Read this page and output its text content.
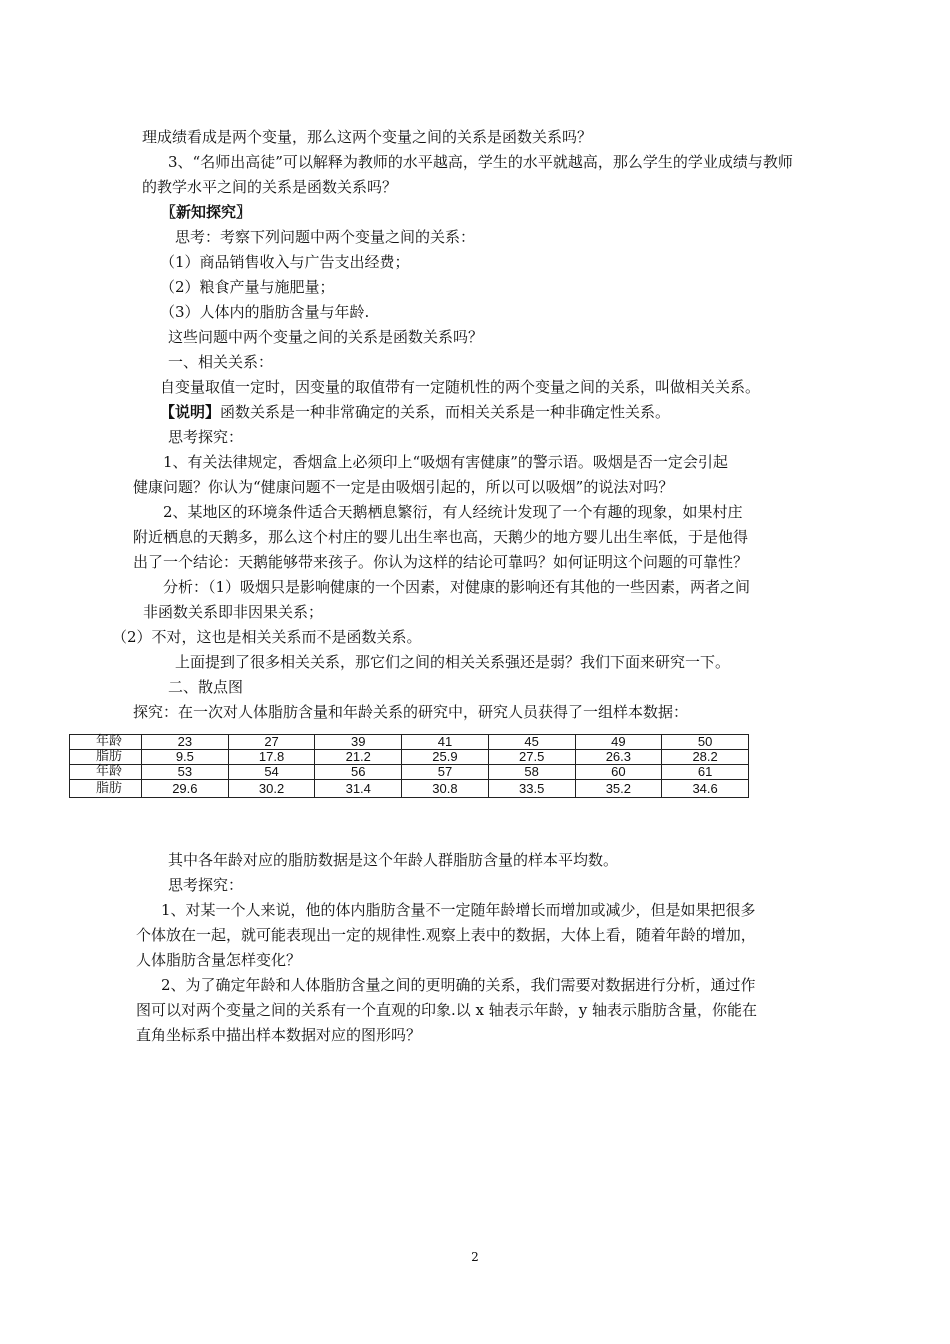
理成绩看成是两个变量，那么这两个变量之间的关系是函数关系吗？
3、“名师出高徒”可以解释为教师的水平越高，学生的水平就越高，那么学生的学业成绩与教师
的教学水平之间的关系是函数关系吗？
〖新知探究〗
思考：考察下列问题中两个变量之间的关系：
（1）商品销售收入与广告支出经费；
（2）粮食产量与施肥量；
（3）人体内的脂肪含量与年龄.
这些问题中两个变量之间的关系是函数关系吗？
一、相关关系：
自变量取值一定时，因变量的取值带有一定随机性的两个变量之间的关系，叫做相关关系。
【说明】函数关系是一种非常确定的关系，而相关关系是一种非确定性关系。
思考探究：
1、有关法律规定，香烟盒上必须印上“吸烟有害健康”的警示语。吸烟是否一定会引起
健康问题？你认为“健康问题不一定是由吸烟引起的，所以可以吸烟”的说法对吗？
2、某地区的环境条件适合天鹅栖息繁衍，有人经统计发现了一个有趣的现象，如果村庄
附近栖息的天鹅多，那么这个村庄的婴儿出生率也高，天鹅少的地方婴儿出生率低，于是他得
出了一个结论：天鹅能够带来孩子。你认为这样的结论可靠吗？如何证明这个问题的可靠性？
分析：（1）吸烟只是影响健康的一个因素，对健康的影响还有其他的一些因素，两者之间
非函数关系即非因果关系；
（2）不对，这也是相关关系而不是函数关系。
上面提到了很多相关关系，那它们之间的相关关系强还是弱？我们下面来研究一下。
二、散点图
探究：在一次对人体脂肪含量和年龄关系的研究中，研究人员获得了一组样本数据：
年龄	23	27	39	41	45	49	50
脂肪	9.5	17.8	21.2	25.9	27.5	26.3	28.2
年龄	53	54	56	57	58	60	61
脂肪	29.6	30.2	31.4	30.8	33.5	35.2	34.6
其中各年龄对应的脂肪数据是这个年龄人群脂肪含量的样本平均数。
思考探究：
1、对某一个人来说，他的体内脂肪含量不一定随年龄增长而增加或减少，但是如果把很多
个体放在一起，就可能表现出一定的规律性.观察上表中的数据，大体上看，随着年龄的增加，
人体脂肪含量怎样变化？
2、为了确定年龄和人体脂肪含量之间的更明确的关系，我们需要对数据进行分析，通过作
图可以对两个变量之间的关系有一个直观的印象.以 x 轴表示年龄，y 轴表示脂肪含量，你能在
直角坐标系中描出样本数据对应的图形吗？
2
